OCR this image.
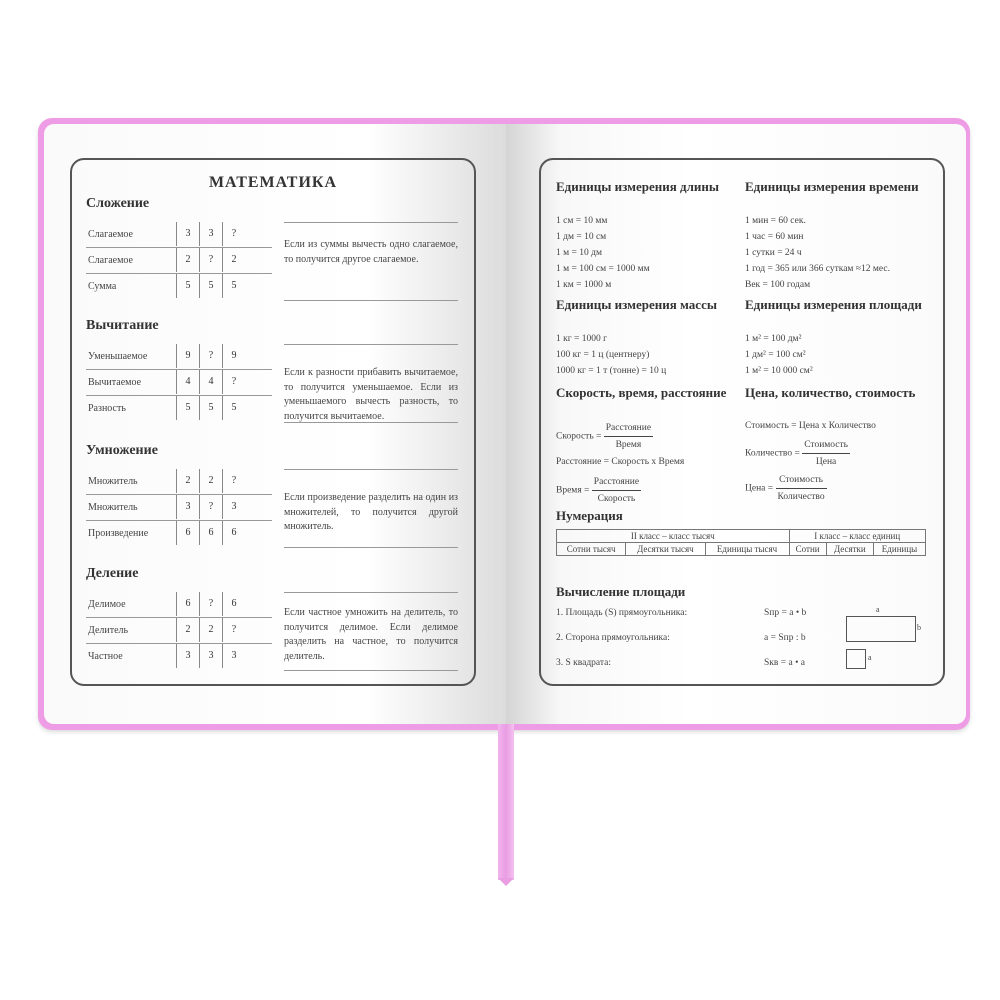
МАТЕМАТИКА
Сложение
Слагаемое	3	3	?
Слагаемое	2	?	2
Сумма	5	5	5
Если из суммы вычесть одно слагаемое, то получится другое слагаемое.
Вычитание
Уменьшаемое	9	?	9
Вычитаемое	4	4	?
Разность	5	5	5
Если к разности прибавить вычитаемое, то получится уменьшаемое. Если из уменьшаемого вычесть разность, то получится вычитаемое.
Умножение
Множитель	2	2	?
Множитель	3	?	3
Произведение	6	6	6
Если произведение разделить на один из множителей, то получится другой множитель.
Деление
Делимое	6	?	6
Делитель	2	2	?
Частное	3	3	3
Если частное умножить на делитель, то получится делимое. Если делимое разделить на частное, то получится делитель.
Единицы измерения длины
1 см = 10 мм
1 дм = 10 см
1 м = 10 дм
1 м = 100 см = 1000 мм
1 км = 1000 м
Единицы измерения времени
1 мин = 60 сек.
1 час = 60 мин
1 сутки = 24 ч
1 год = 365 или 366 суткам ≈12 мес.
Век = 100 годам
Единицы измерения массы
1 кг = 1000 г
100 кг = 1 ц (центнеру)
1000 кг = 1 т (тонне) = 10 ц
Единицы измерения площади
1 м² = 100 дм²
1 дм² = 100 см²
1 м² = 10 000 см²
Скорость, время, расстояние
Скорость = $\frac{\text{Расстояние}}{\text{Время}}$
Расстояние = Скорость х Время
Время = $\frac{\text{Расстояние}}{\text{Скорость}}$
Цена, количество, стоимость
Стоимость = Цена х Количество
Количество = $\frac{\text{Стоимость}}{\text{Цена}}$
Цена = $\frac{\text{Стоимость}}{\text{Количество}}$
Нумерация
II класс – класс тысяч			I класс – класс единиц		
Сотни тысяч	Десятки тысяч	Единицы тысяч	Сотни	Десятки	Единицы
Вычисление площади
1. Площадь (S) прямоугольника:	Sпр = a • b
2. Сторона прямоугольника:	a = Sпр : b
3. S квадрата:	Sкв = a • a
a
b
a
